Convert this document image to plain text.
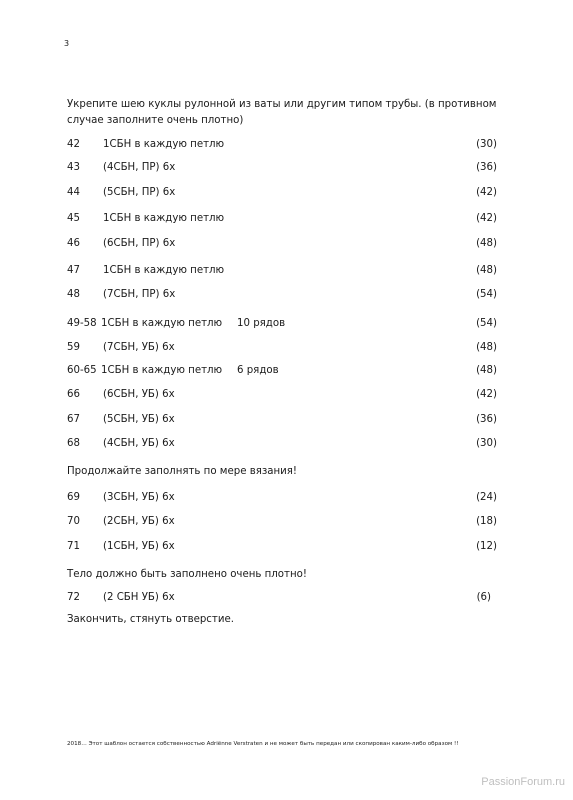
3
Укрепите шею куклы рулонной из ваты или другим типом трубы. (в противном случае заполните очень плотно)
42 1СБН в каждую петлю	(30)
43 (4СБН, ПР) 6х	(36)
44 (5СБН, ПР) 6х	(42)
45 1СБН в каждую петлю	(42)
46 (6СБН, ПР) 6х	(48)
47 1СБН в каждую петлю	(48)
48 (7СБН, ПР) 6х	(54)
49-58 1СБН в каждую петлю 10 рядов	(54)
59 (7СБН, УБ) 6х	(48)
60-65 1СБН в каждую петлю 6 рядов	(48)
66 (6СБН, УБ) 6х	(42)
67 (5СБН, УБ) 6х	(36)
68 (4СБН, УБ) 6х	(30)
Продолжайте заполнять по мере вязания!
69 (3СБН, УБ) 6х	(24)
70 (2СБН, УБ) 6х	(18)
71 (1СБН, УБ) 6х	(12)
Тело должно быть заполнено очень плотно!
72 (2 СБН УБ) 6х	(6)
Закончить, стянуть отверстие.
2018… Этот шаблон остается собственностью Adriënne Verstraten и не может быть передан или скопирован каким-либо образом !!
PassionForum.ru
